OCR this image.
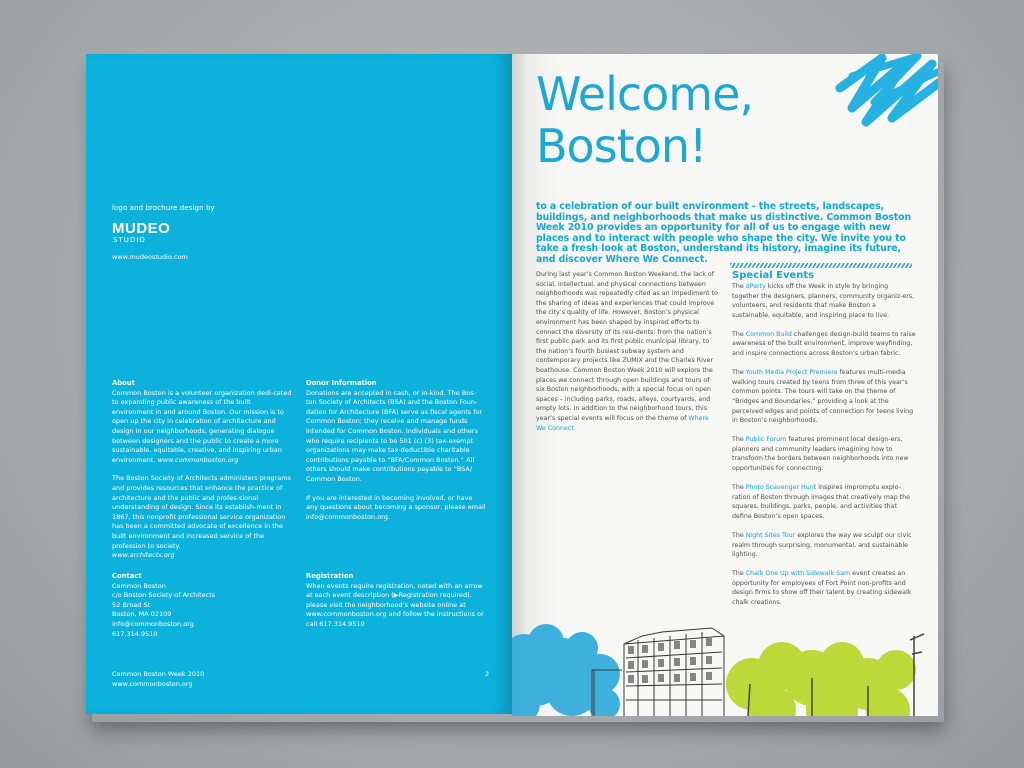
logo and brochure design by
MUDEO
STUDIO
www.mudeostudio.com
About

Common Boston is a volunteer organization dedi-cated to expanding public awareness of the built environment in and around Boston. Our mission is to open up the city in celebration of architecture and design in our neighborhoods, generating dialogue between designers and the public to create a more sustainable, equitable, creative, and inspiring urban environment. www.commonboston.org

The Boston Society of Architects administers programs and provides resources that enhance the practice of architecture and the public and profes-sional understanding of design. Since its establish-ment in 1867, this nonprofit professional service organization has been a committed advocate of excellence in the built environment and increased service of the profession to society.
www.architects.org

Donor Information

Donations are accepted in cash, or in-kind. The Bos-ton Society of Architects (BSA) and the Boston Foun-dation for Architecture (BFA) serve as fiscal agents for Common Boston; they receive and manage funds intended for Common Boston. Individuals and others who require recipients to be 501 (c) (3) tax-exempt organizations may make tax-deductible charitable contributions payable to “BFA/Common Boston.” All others should make contributions payable to “BSA/ Common Boston.

If you are interested in becoming involved, or have any questions about becoming a sponsor, please email info@commonboston.org.

Contact
Common Boston
c/o Boston Society of Architects
52 Broad St
Boston, MA 02109
info@commonboston.org
617.314.9510
Registration

When events require registration, noted with an arrow at each event description (▶Registration required), please visit the neighborhood’s website online at www.commonboston.org and follow the instructions or call 617.314.9510

Common Boston Week 2010
www.commonboston.org
2
Welcome,
Boston!
to a celebration of our built environment - the streets, landscapes, buildings, and neighborhoods that make us distinctive. Common Boston Week 2010 provides an opportunity for all of us to engage with new places and to interact with people who shape the city. We invite you to take a fresh look at Boston, understand its history, imagine its future, and discover Where We Connect.
During last year’s Common Boston Weekend, the lack of social, intellectual, and physical connections between neighborhoods was repeatedly cited as an impediment to the sharing of ideas and experiences that could improve the city’s quality of life. However, Boston’s physical environment has been shaped by inspired efforts to connect the diversity of its resi-dents: from the nation’s first public park and its first public municipal library, to the nation’s fourth busiest subway system and contemporary projects like ZUMIX and the Charles River boathouse. Common Boston Week 2010 will explore the places we connect through open buildings and tours of six Boston neighborhoods, with a special focus on open spaces – including parks, roads, alleys, courtyards, and empty lots. In addition to the neighborhood tours, this year’s special events will focus on the theme of Where We Connect.
Special Events

The dParty kicks off the Week in style by bringing together the designers, planners, community organiz-ers, volunteers, and residents that make Boston a sustainable, equitable, and inspiring place to live.

The Common Build challenges design-build teams to raise awareness of the built environment, improve wayfinding, and inspire connections across Boston’s urban fabric.

The Youth Media Project Premiere features multi-media walking tours created by teens from three of this year’s common points. The tours will take on the theme of “Bridges and Boundaries,” providing a look at the perceived edges and points of connection for teens living in Boston’s neighborhoods.

The Public Forum features prominent local design-ers, planners and community leaders imagining how to transform the borders between neighborhoods into new opportunities for connecting.

The Photo Scavenger Hunt inspires impromptu explo-ration of Boston through images that creatively map the squares, buildings, parks, people, and activities that define Boston’s open spaces.

The Night Sites Tour explores the way we sculpt our civic realm through surprising, monumental, and sustainable lighting.

The Chalk One Up with Sidewalk Sam event creates an opportunity for employees of Fort Point non-profits and design firms to show off their talent by creating sidewalk chalk creations.
